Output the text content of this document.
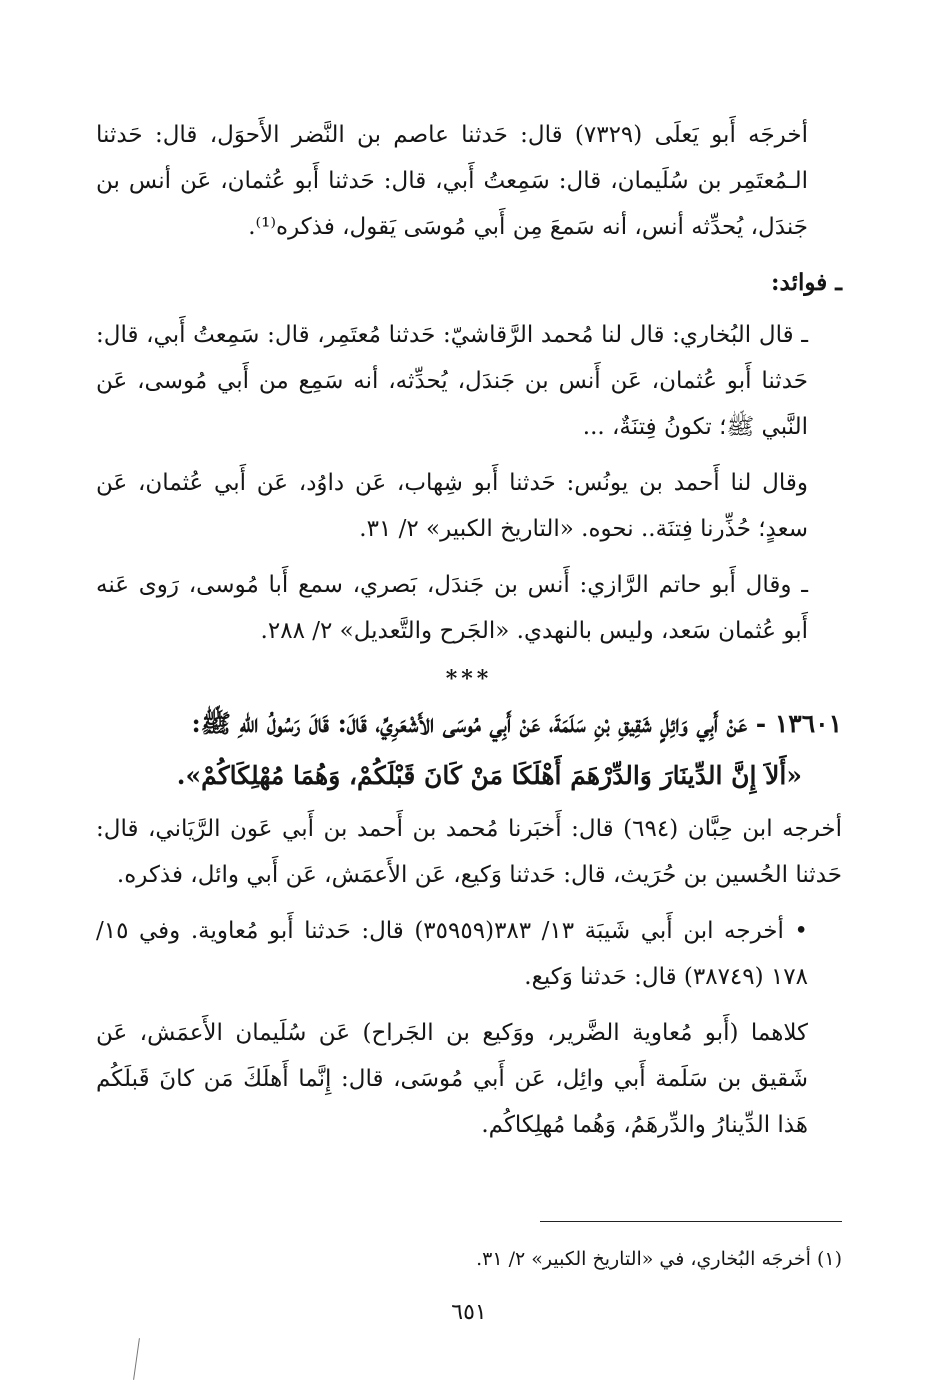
أخرجَه أَبو يَعلَى (٧٣٢٩) قال: حَدثنا عاصم بن النَّضر الأَحوَل، قال: حَدثنا الـمُعتَمِر بن سُلَيمان، قال: سَمِعتُ أَبي، قال: حَدثنا أَبو عُثمان، عَن أنس بن جَندَل، يُحدِّثه أنس، أنه سَمعَ مِن أَبي مُوسَى يَقول، فذكره⁽¹⁾.

ـ فوائد:

ـ قال البُخاري: قال لنا مُحمد الرَّقاشيّ: حَدثنا مُعتَمِر، قال: سَمِعتُ أَبي، قال: حَدثنا أَبو عُثمان، عَن أَنس بن جَندَل، يُحدِّثه، أنه سَمِع من أَبي مُوسى، عَن النَّبي ﷺ؛ تكونُ فِتنَةٌ، ...

وقال لنا أَحمد بن يونُس: حَدثنا أَبو شِهاب، عَن داوُد، عَن أَبي عُثمان، عَن سعدٍ؛ حُذِّرنا فِتنَة.. نحوه. «التاريخ الكبير» ٢/ ٣١.

ـ وقال أَبو حاتم الرَّازي: أَنس بن جَندَل، بَصري، سمع أَبا مُوسى، رَوى عَنه أَبو عُثمان سَعد، وليس بالنهدي. «الجَرح والتَّعديل» ٢/ ٢٨٨.

***

١٣٦٠١ - عَنْ أَبِي وَائِلٍ شَقِيقِ بْنِ سَلَمَةَ، عَنْ أَبِي مُوسَى الأَشْعَرِيِّ، قَالَ: قَالَ رَسُولُ اللهِ ﷺ:

«أَلاَ إِنَّ الدِّينَارَ وَالدِّرْهَمَ أَهْلَكَا مَنْ كَانَ قَبْلَكُمْ، وَهُمَا مُهْلِكَاكُمْ».

أخرجه ابن حِبَّان (٦٩٤) قال: أَخبَرنا مُحمد بن أَحمد بن أَبي عَون الرَّيَاني، قال: حَدثنا الحُسين بن حُرَيث، قال: حَدثنا وَكيع، عَن الأَعمَش، عَن أَبي وائل، فذكره.

• أخرجه ابن أَبي شَيبَة ١٣/ ٣٨٣(٣٥٩٥٩) قال: حَدثنا أَبو مُعاوية. وفي ١٥/ ١٧٨ (٣٨٧٤٩) قال: حَدثنا وَكيع.

كلاهما (أَبو مُعاوية الضَّرير، ووَكيع بن الجَراح) عَن سُلَيمان الأَعمَش، عَن شَقيق بن سَلَمة أَبي وائِل، عَن أَبي مُوسَى، قال: إِنَّما أَهلَكَ مَن كانَ قَبلَكُم هَذا الدِّينارُ والدِّرهَمُ، وَهُما مُهلِكاكُم.

(١) أخرجَه البُخاري، في «التاريخ الكبير» ٢/ ٣١.
٦٥١
